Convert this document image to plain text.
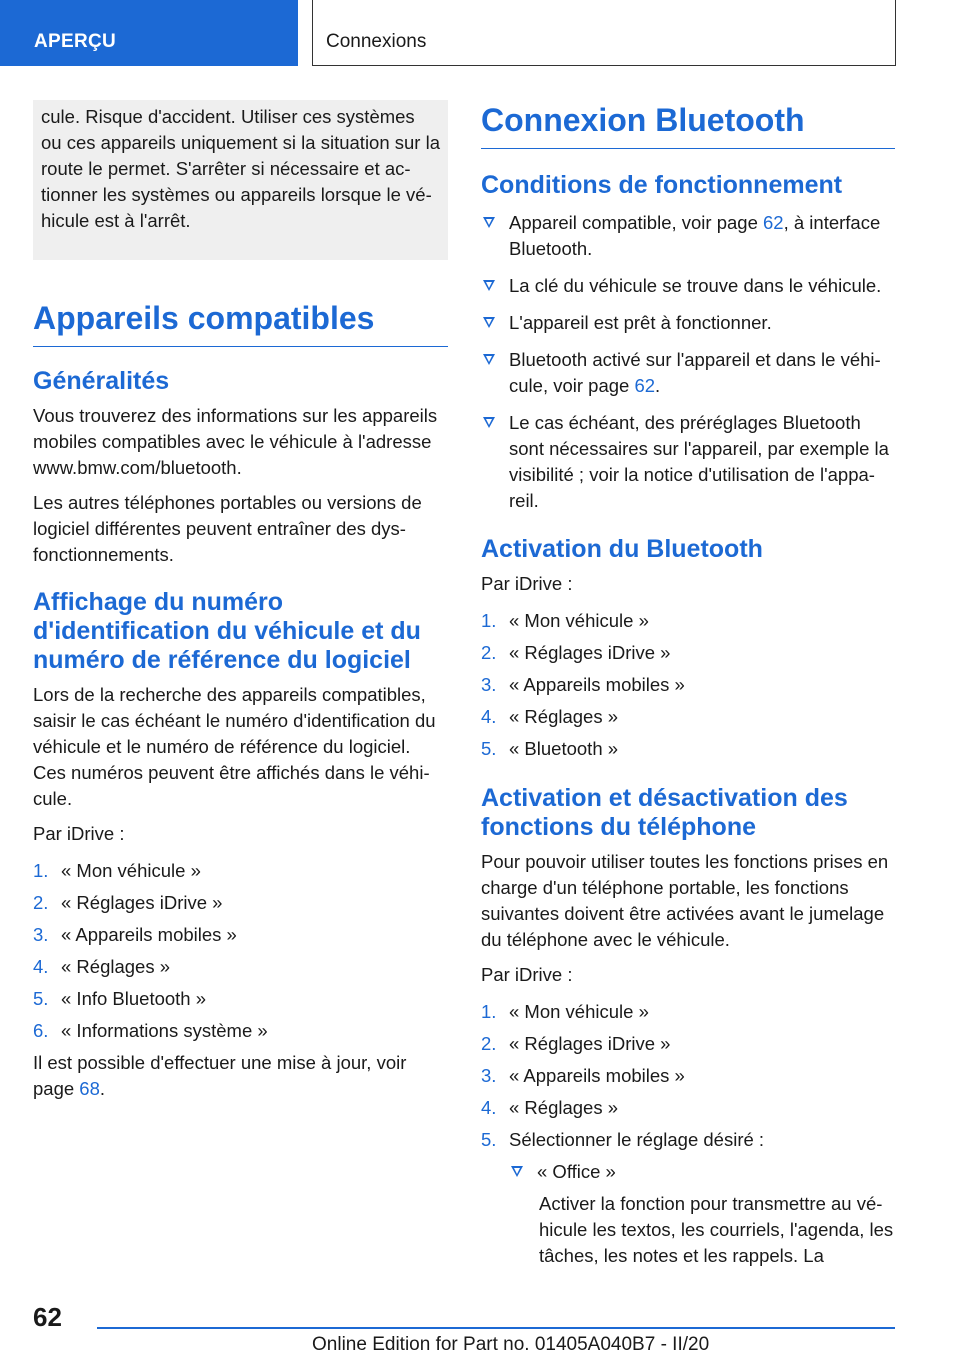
APERÇU	Connexions
cule. Risque d'accident. Utiliser ces systèmes ou ces appareils uniquement si la situation sur la route le permet. S'arrêter si nécessaire et ac‐tionner les systèmes ou appareils lorsque le vé‐hicule est à l'arrêt.
Appareils compatibles
Généralités

Vous trouverez des informations sur les appareils mobiles compatibles avec le véhicule à l'adresse www.bmw.com/bluetooth.

Les autres téléphones portables ou versions de logiciel différentes peuvent entraîner des dys‐fonctionnements.

Affichage du numéro d'identification du véhicule et du numéro de référence du logiciel

Lors de la recherche des appareils compatibles, saisir le cas échéant le numéro d'identification du véhicule et le numéro de référence du logiciel. Ces numéros peuvent être affichés dans le véhi‐cule.

Par iDrive :

1. « Mon véhicule »
2. « Réglages iDrive »
3. « Appareils mobiles »
4. « Réglages »
5. « Info Bluetooth »
6. « Informations système »

Il est possible d'effectuer une mise à jour, voir page 68.

Connexion Bluetooth
Conditions de fonctionnement
Appareil compatible, voir page 62, à interface Bluetooth.
La clé du véhicule se trouve dans le véhicule.
L'appareil est prêt à fonctionner.
Bluetooth activé sur l'appareil et dans le véhi‐cule, voir page 62.
Le cas échéant, des préréglages Bluetooth sont nécessaires sur l'appareil, par exemple la visibilité ; voir la notice d'utilisation de l'appa‐reil.
Activation du Bluetooth

Par iDrive :

1. « Mon véhicule »
2. « Réglages iDrive »
3. « Appareils mobiles »
4. « Réglages »
5. « Bluetooth »
Activation et désactivation des fonctions du téléphone

Pour pouvoir utiliser toutes les fonctions prises en charge d'un téléphone portable, les fonctions suivantes doivent être activées avant le jumelage du téléphone avec le véhicule.

Par iDrive :

1. « Mon véhicule »
2. « Réglages iDrive »
3. « Appareils mobiles »
4. « Réglages »
5. Sélectionner le réglage désiré :
« Office »

Activer la fonction pour transmettre au vé‐hicule les textos, les courriels, l'agenda, les tâches, les notes et les rappels. La

62
Online Edition for Part no. 01405A040B7 - II/20
